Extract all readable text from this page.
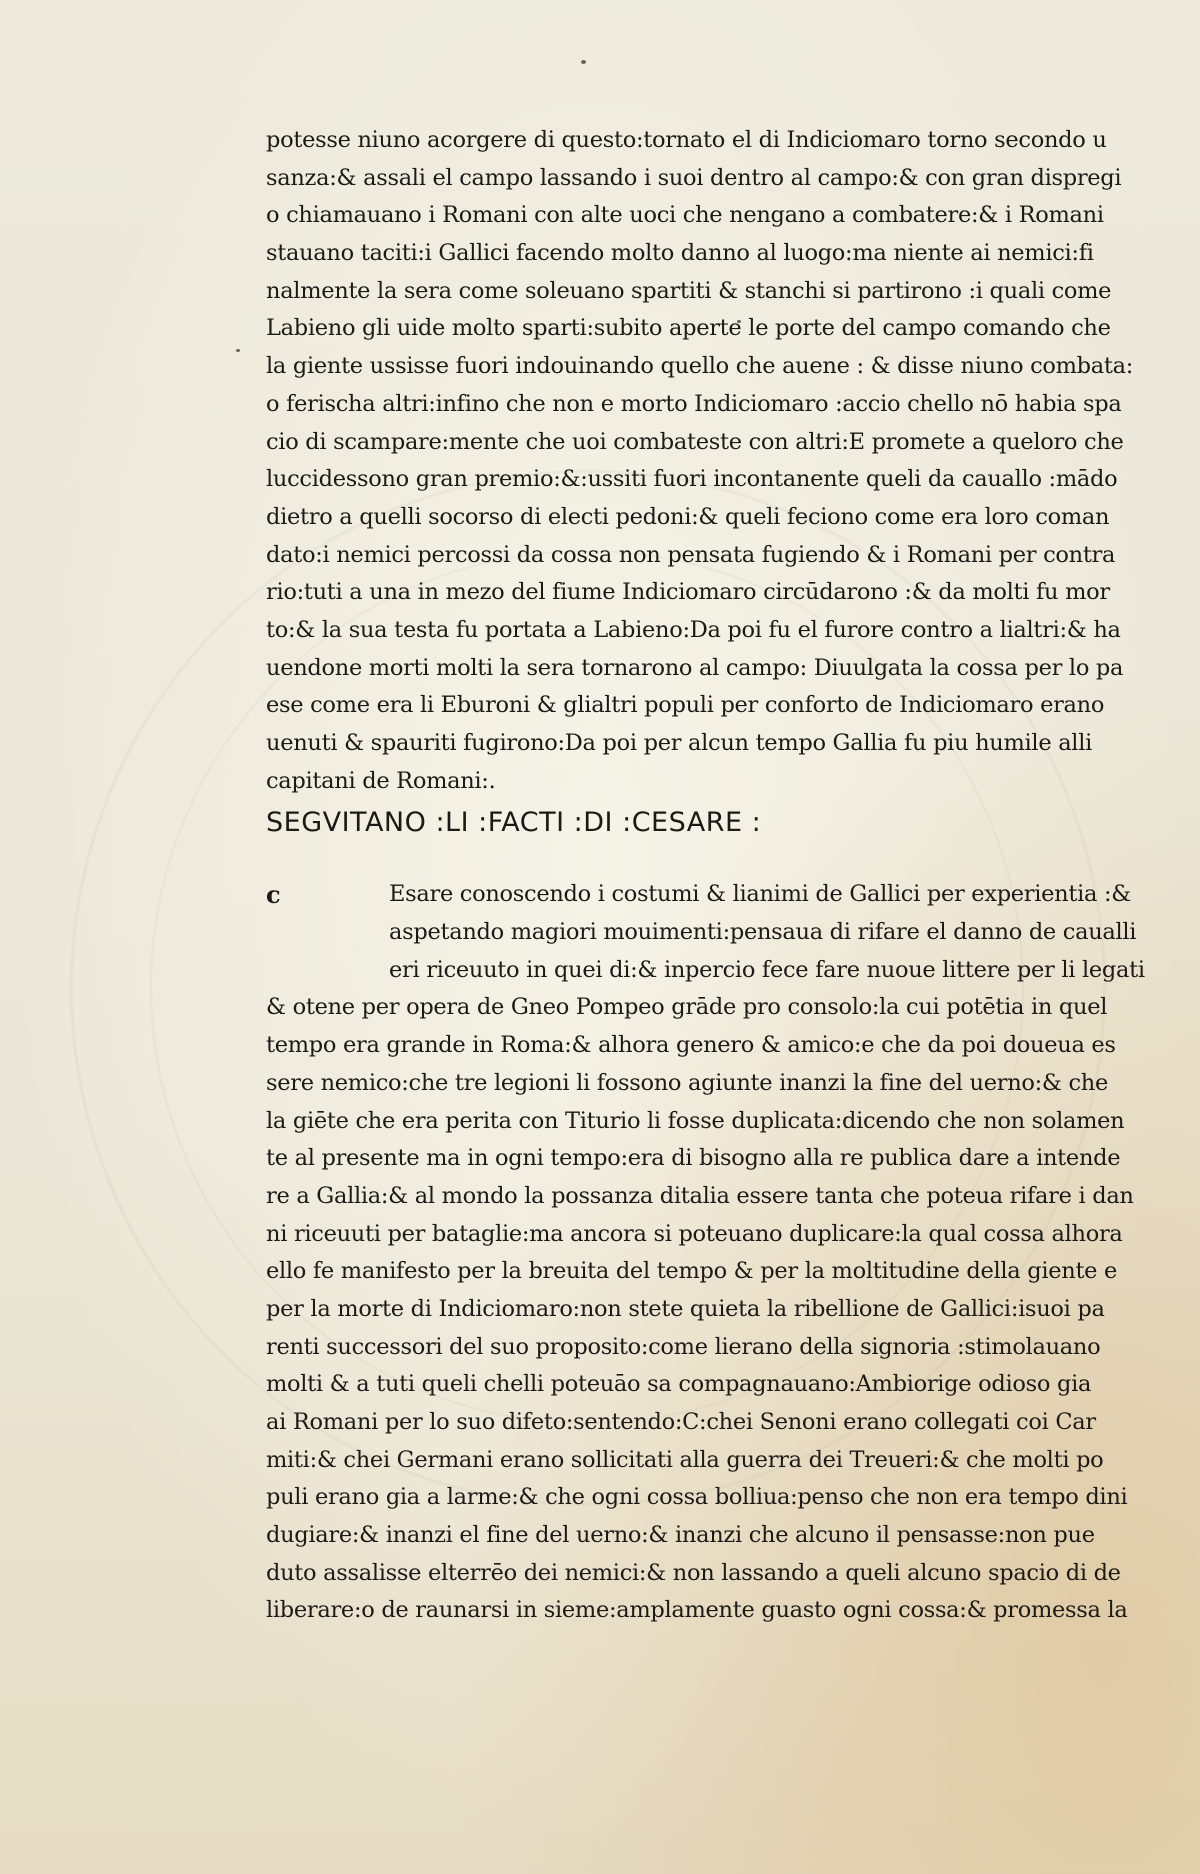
potesse niuno acorgere di questo:tornato el di Indiciomaro torno secondo u
sanza:& assali el campo lassando i suoi dentro al campo:& con gran dispregi
o chiamauano i Romani con alte uoci che nengano a combatere:& i Romani
stauano taciti:i Gallici facendo molto danno al luogo:ma niente ai nemici:fi
nalmente la sera come soleuano spartiti & stanchi si partirono :i quali come
Labieno gli uide molto sparti:subito aperte le porte del campo comando che
la giente ussisse fuori indouinando quello che auene : & disse niuno combata:
o ferischa altri:infino che non e morto Indiciomaro :accio chello nō habia spa
cio di scampare:mente che uoi combateste con altri:E promete a queloro che
luccidessono gran premio:&:ussiti fuori incontanente queli da cauallo :mādo
dietro a quelli socorso di electi pedoni:& queli feciono come era loro coman
dato:i nemici percossi da cossa non pensata fugiendo & i Romani per contra
rio:tuti a una in mezo del fiume Indiciomaro circūdarono :& da molti fu mor
to:& la sua testa fu portata a Labieno:Da poi fu el furore contro a lialtri:& ha
uendone morti molti la sera tornarono al campo: Diuulgata la cossa per lo pa
ese come era li Eburoni & glialtri populi per conforto de Indiciomaro erano
uenuti & spauriti fugirono:Da poi per alcun tempo Gallia fu piu humile alli
capitani de Romani:.
SEGVITANO :LI :FACTI :DI :CESARE :
c	Esare conoscendo i costumi & lianimi de Gallici per experientia :&
aspetando magiori mouimenti:pensaua di rifare el danno de caualli
eri riceuuto in quei di:& inpercio fece fare nuoue littere per li legati
& otene per opera de Gneo Pompeo grāde pro consolo:la cui potētia in quel
tempo era grande in Roma:& alhora genero & amico:e che da poi doueua es
sere nemico:che tre legioni li fossono agiunte inanzi la fine del uerno:& che
la giēte che era perita con Titurio li fosse duplicata:dicendo che non solamen
te al presente ma in ogni tempo:era di bisogno alla re publica dare a intende
re a Gallia:& al mondo la possanza ditalia essere tanta che poteua rifare i dan
ni riceuuti per bataglie:ma ancora si poteuano duplicare:la qual cossa alhora
ello fe manifesto per la breuita del tempo & per la moltitudine della giente e
per la morte di Indiciomaro:non stete quieta la ribellione de Gallici:isuoi pa
renti successori del suo proposito:come lierano della signoria :stimolauano
molti & a tuti queli chelli poteuāo sa compagnauano:Ambiorige odioso gia
ai Romani per lo suo difeto:sentendo:C:chei Senoni erano collegati coi Car
miti:& chei Germani erano sollicitati alla guerra dei Treueri:& che molti po
puli erano gia a larme:& che ogni cossa bolliua:penso che non era tempo dini
dugiare:& inanzi el fine del uerno:& inanzi che alcuno il pensasse:non pue
duto assalisse elterrēo dei nemici:& non lassando a queli alcuno spacio di de
liberare:o de raunarsi in sieme:amplamente guasto ogni cossa:& promessa la
